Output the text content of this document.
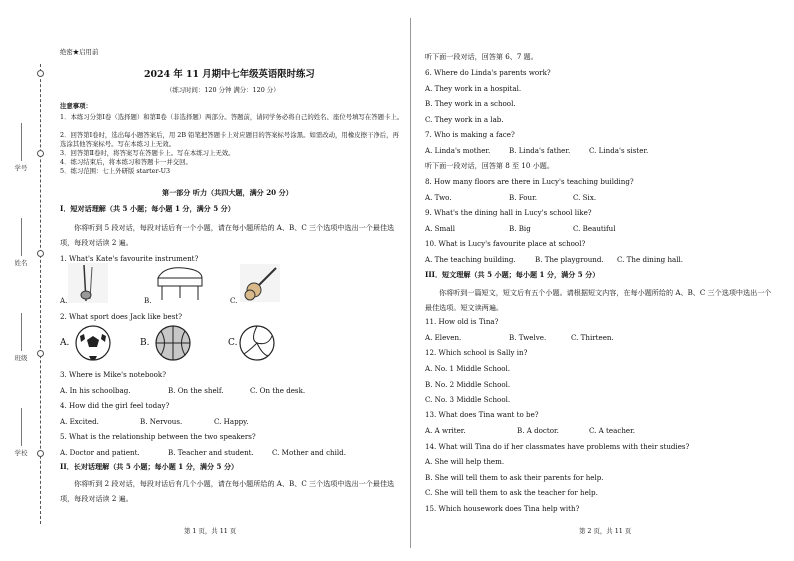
学号
姓名
班级
学校
绝密★启用前
2024 年 11 月期中七年级英语限时练习
（练习时间：120 分钟 满分：120 分）
注意事项：
1．本练习分第Ⅰ卷（选择题）和第Ⅱ卷（非选择题）两部分。答题前，请同学务必将自己的姓名、座位号填写在答题卡上。
2．回答第Ⅰ卷时，选出每小题答案后，用 2B 铅笔把答题卡上对应题目的答案标号涂黑。如需改动，用橡皮擦干净后，再选涂其他答案标号。写在本练习上无效。
3．回答第Ⅱ卷时，将答案写在答题卡上。写在本练习上无效。
4．练习结束后，将本练习和答题卡一并交回。
5．练习范围：七上外研版 starter-U3
第一部分 听力（共四大题，满分 20 分）
I．短对话理解（共 5 小题；每小题 1 分，满分 5 分）
你将听到 5 段对话，每段对话后有一个小题，请在每小题所给的 A、B、C 三个选项中选出一个最佳选项，每段对话读 2 遍。
1. What's Kate's favourite instrument?
A.	B.	C.
2. What sport does Jack like best?
A.	B.	C.
3. Where is Mike's notebook?
A. In his schoolbag.	B. On the shelf.	C. On the desk.
4. How did the girl feel today?
A. Excited.	B. Nervous.	C. Happy.
5. What is the relationship between the two speakers?
A. Doctor and patient.	B. Teacher and student.	C. Mother and child.
II．长对话理解（共 5 小题；每小题 1 分，满分 5 分）
你将听到 2 段对话，每段对话后有几个小题，请在每小题所给的 A、B、C 三个选项中选出一个最佳选项，每段对话读 2 遍。
第 1 页，共 11 页
听下面一段对话，回答第 6、7 题。
6. Where do Linda's parents work?
A. They work in a hospital.
B. They work in a school.
C. They work in a lab.
7. Who is making a face?
A. Linda's mother.	B. Linda's father.	C. Linda's sister.
听下面一段对话，回答第 8 至 10 小题。
8. How many floors are there in Lucy's teaching building?
A. Two.	B. Four.	C. Six.
9. What's the dining hall in Lucy's school like?
A. Small	B. Big	C. Beautiful
10. What is Lucy's favourite place at school?
A. The teaching building.	B. The playground. C. The dining hall.
III．短文理解（共 5 小题；每小题 1 分，满分 5 分）
你将听到一篇短文，短文后有五个小题。请根据短文内容，在每小题所给的 A、B、C 三个选项中选出一个最佳选项。短文读两遍。
11. How old is Tina?
A. Eleven.	B. Twelve.	C. Thirteen.
12. Which school is Sally in?
A. No. 1 Middle School.
B. No. 2 Middle School.
C. No. 3 Middle School.
13. What does Tina want to be?
A. A writer.	B. A doctor.	C. A teacher.
14. What will Tina do if her classmates have problems with their studies?
A. She will help them.
B. She will tell them to ask their parents for help.
C. She will tell them to ask the teacher for help.
15. Which housework does Tina help with?
第 2 页，共 11 页
